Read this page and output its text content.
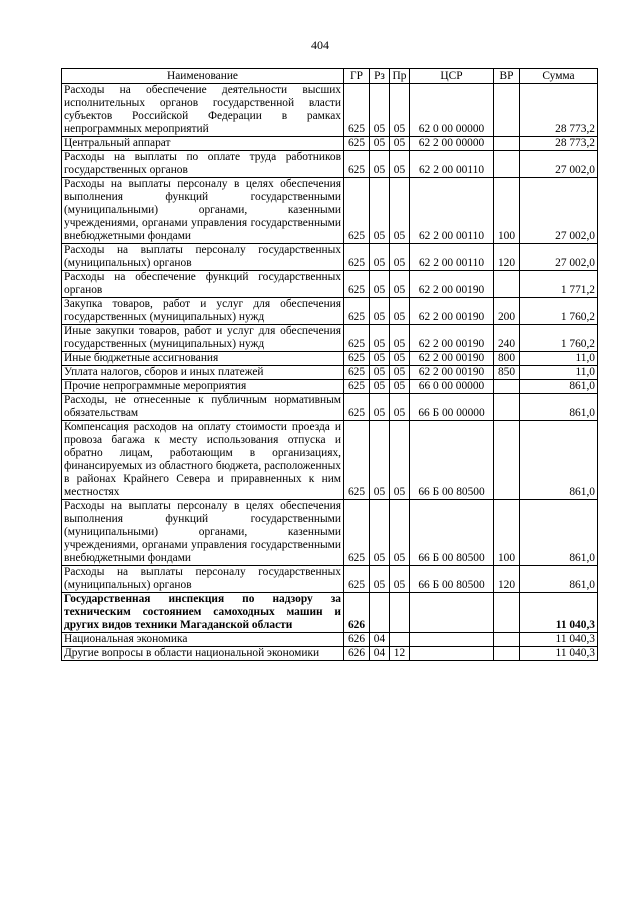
404
Наименование	ГР	Рз	Пр	ЦСР	ВР	Сумма
Расходы на обеспечение деятельности высших исполнительных органов государственной власти субъектов Российской Федерации в рамках непрограммных мероприятий	625	05	05	62 0 00 00000		28 773,2
Центральный аппарат	625	05	05	62 2 00 00000		28 773,2
Расходы на выплаты по оплате труда работников государственных органов	625	05	05	62 2 00 00110		27 002,0
Расходы на выплаты персоналу в целях обеспечения выполнения функций государственными (муниципальными) органами, казенными учреждениями, органами управления государственными внебюджетными фондами	625	05	05	62 2 00 00110	100	27 002,0
Расходы на выплаты персоналу государственных (муниципальных) органов	625	05	05	62 2 00 00110	120	27 002,0
Расходы на обеспечение функций государственных органов	625	05	05	62 2 00 00190		1 771,2
Закупка товаров, работ и услуг для обеспечения государственных (муниципальных) нужд	625	05	05	62 2 00 00190	200	1 760,2
Иные закупки товаров, работ и услуг для обеспечения государственных (муниципальных) нужд	625	05	05	62 2 00 00190	240	1 760,2
Иные бюджетные ассигнования	625	05	05	62 2 00 00190	800	11,0
Уплата налогов, сборов и иных платежей	625	05	05	62 2 00 00190	850	11,0
Прочие непрограммные мероприятия	625	05	05	66 0 00 00000		861,0
Расходы, не отнесенные к публичным нормативным обязательствам	625	05	05	66 Б 00 00000		861,0
Компенсация расходов на оплату стоимости проезда и провоза багажа к месту использования отпуска и обратно лицам, работающим в организациях, финансируемых из областного бюджета, расположенных в районах Крайнего Севера и приравненных к ним местностях	625	05	05	66 Б 00 80500		861,0
Расходы на выплаты персоналу в целях обеспечения выполнения функций государственными (муниципальными) органами, казенными учреждениями, органами управления государственными внебюджетными фондами	625	05	05	66 Б 00 80500	100	861,0
Расходы на выплаты персоналу государственных (муниципальных) органов	625	05	05	66 Б 00 80500	120	861,0
Государственная инспекция по надзору за техническим состоянием самоходных машин и других видов техники Магаданской области	626					11 040,3
Национальная экономика	626	04				11 040,3
Другие вопросы в области национальной экономики	626	04	12			11 040,3
